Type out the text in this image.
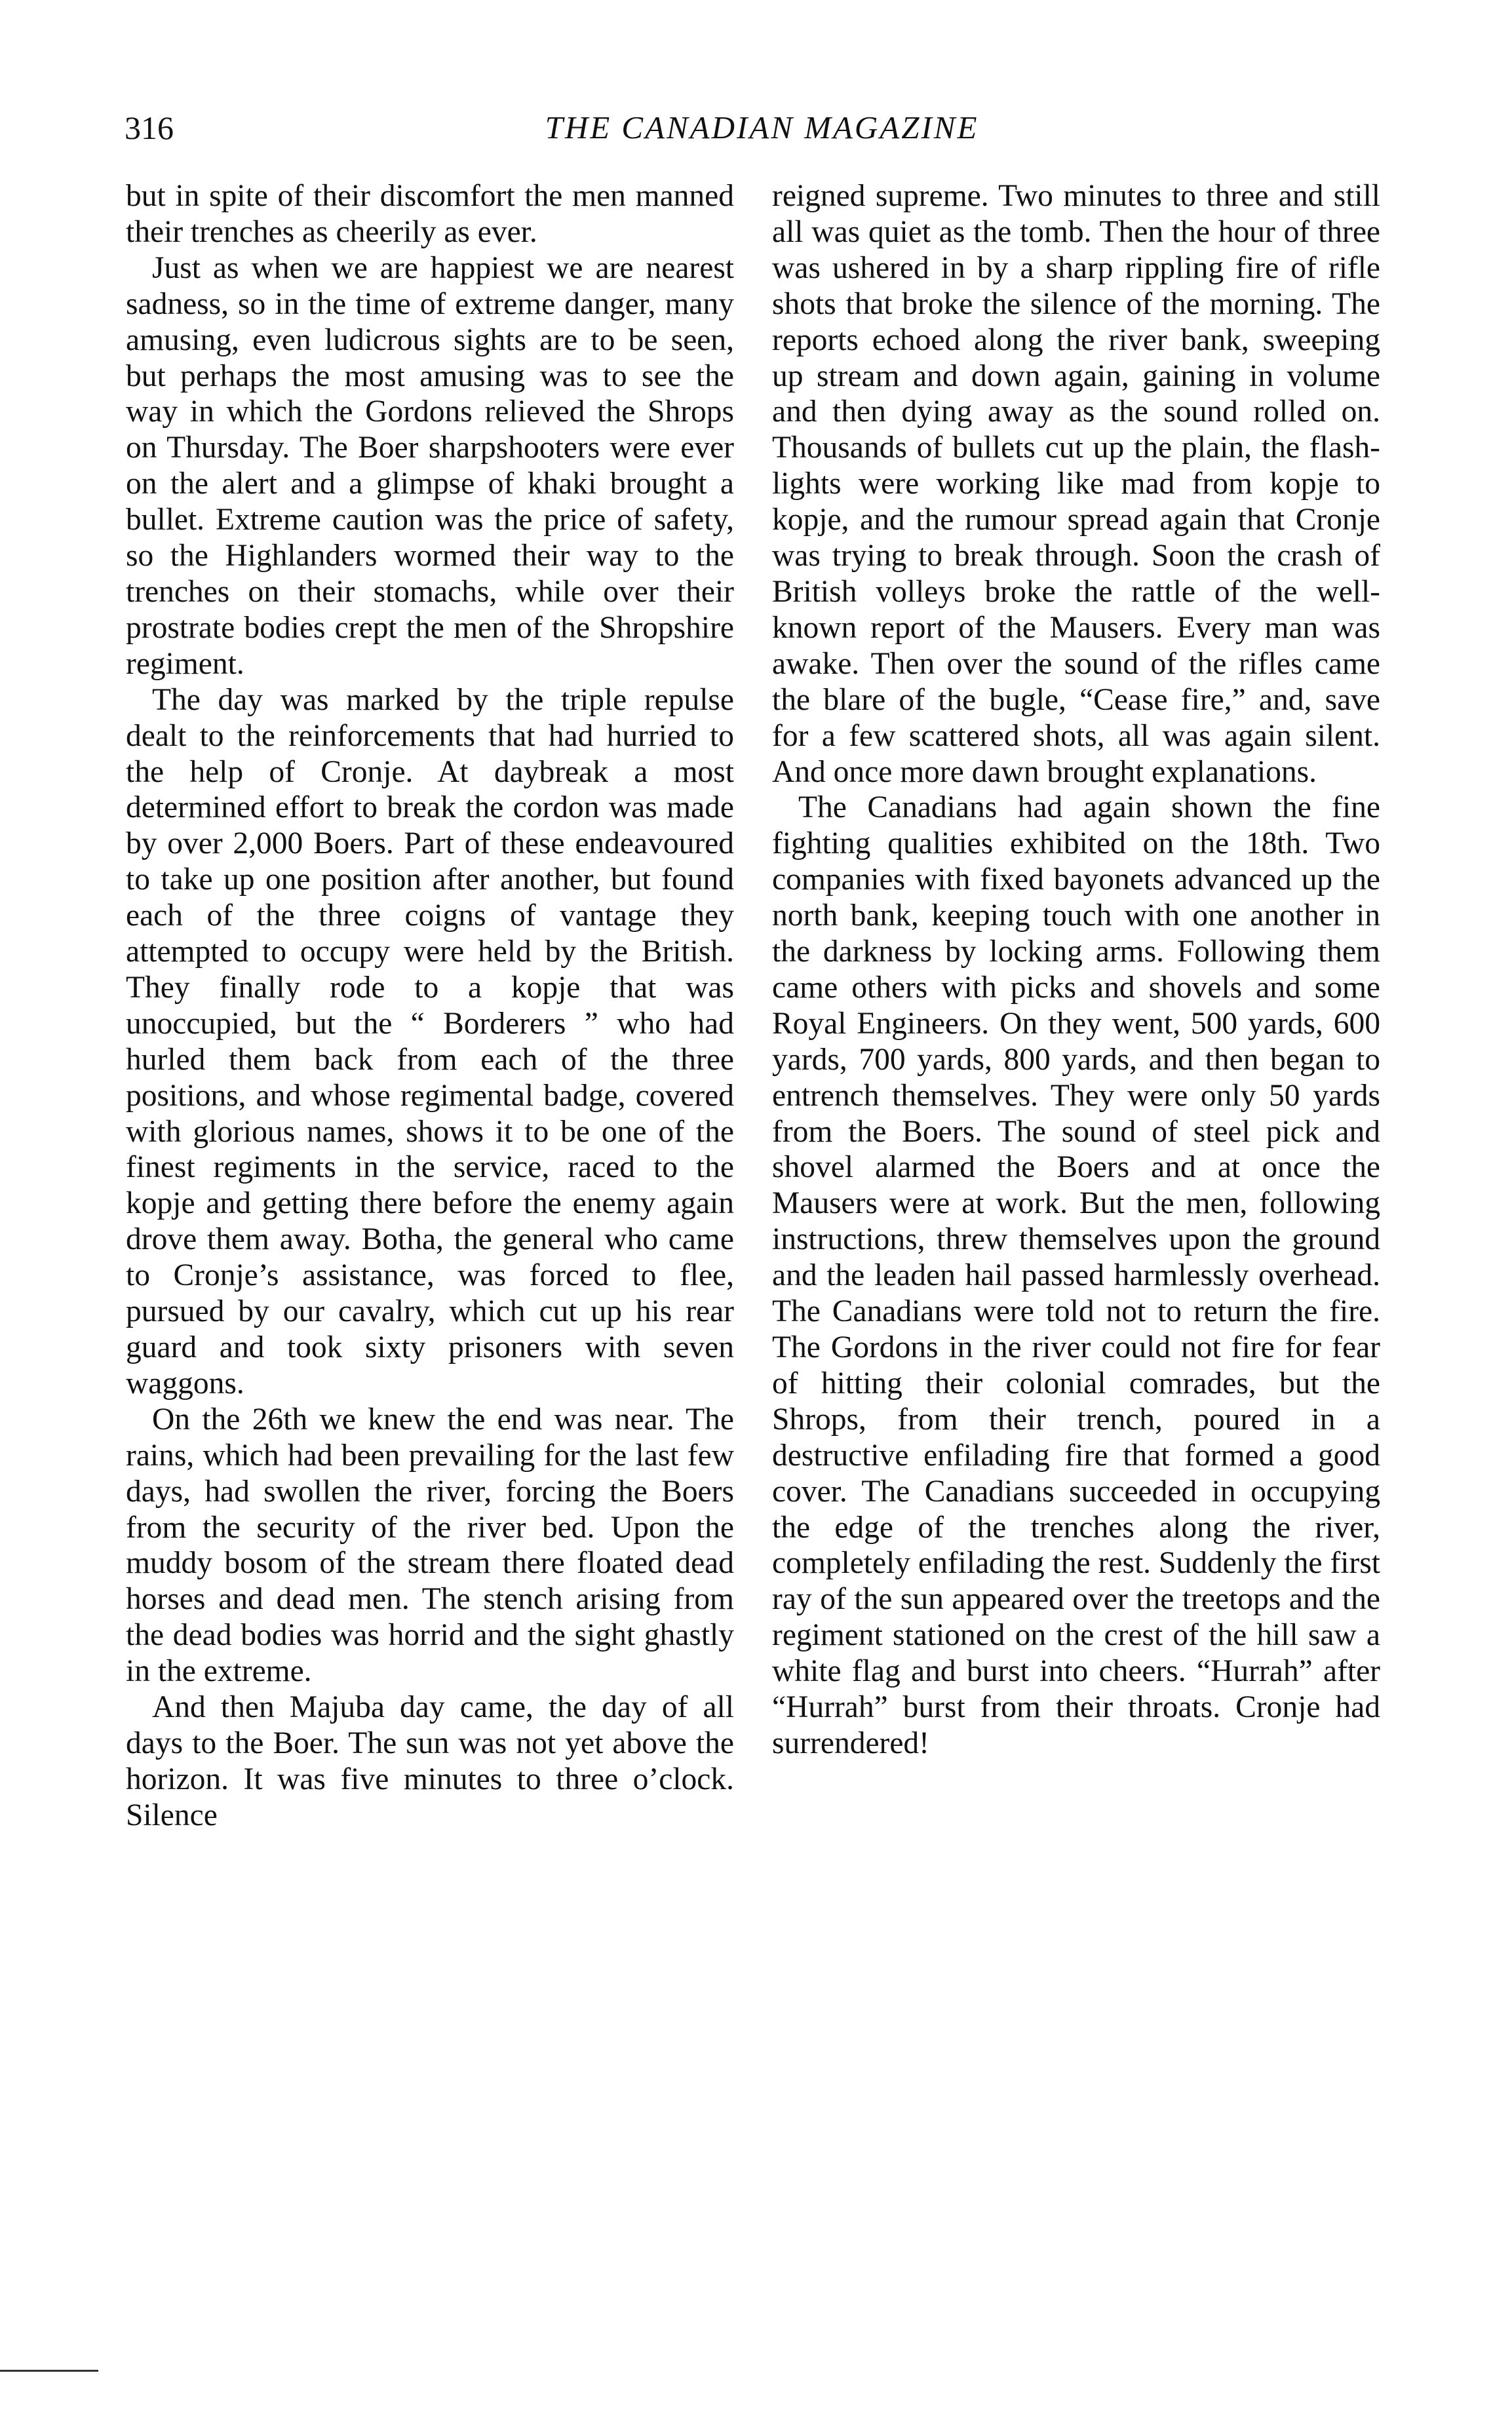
316	THE CANADIAN MAGAZINE

but in spite of their discomfort the men manned their trenches as cheerily as ever.

Just as when we are happiest we are nearest sadness, so in the time of extreme danger, many amusing, even ludicrous sights are to be seen, but perhaps the most amusing was to see the way in which the Gordons relieved the Shrops on Thursday. The Boer sharpshooters were ever on the alert and a glimpse of khaki brought a bullet. Extreme caution was the price of safety, so the Highlanders wormed their way to the trenches on their stomachs, while over their prostrate bodies crept the men of the Shropshire regiment.

The day was marked by the triple repulse dealt to the reinforcements that had hurried to the help of Cronje. At daybreak a most determined effort to break the cordon was made by over 2,000 Boers. Part of these endeavoured to take up one position after another, but found each of the three coigns of vantage they attempted to occupy were held by the British. They finally rode to a kopje that was unoccupied, but the “ Borderers ” who had hurled them back from each of the three positions, and whose regimental badge, covered with glorious names, shows it to be one of the finest regiments in the service, raced to the kopje and getting there before the enemy again drove them away. Botha, the general who came to Cronje’s assistance, was forced to flee, pursued by our cavalry, which cut up his rear guard and took sixty prisoners with seven waggons.

On the 26th we knew the end was near. The rains, which had been prevailing for the last few days, had swollen the river, forcing the Boers from the security of the river bed. Upon the muddy bosom of the stream there floated dead horses and dead men. The stench arising from the dead bodies was horrid and the sight ghastly in the extreme.

And then Majuba day came, the day of all days to the Boer. The sun was not yet above the horizon. It was five minutes to three o’clock. Silence

reigned supreme. Two minutes to three and still all was quiet as the tomb. Then the hour of three was ushered in by a sharp rippling fire of rifle shots that broke the silence of the morning. The reports echoed along the river bank, sweeping up stream and down again, gaining in volume and then dying away as the sound rolled on. Thousands of bullets cut up the plain, the flash-lights were working like mad from kopje to kopje, and the rumour spread again that Cronje was trying to break through. Soon the crash of British volleys broke the rattle of the well-known report of the Mausers. Every man was awake. Then over the sound of the rifles came the blare of the bugle, “Cease fire,” and, save for a few scattered shots, all was again silent. And once more dawn brought explanations.

The Canadians had again shown the fine fighting qualities exhibited on the 18th. Two companies with fixed bayonets advanced up the north bank, keeping touch with one another in the darkness by locking arms. Following them came others with picks and shovels and some Royal Engineers. On they went, 500 yards, 600 yards, 700 yards, 800 yards, and then began to entrench themselves. They were only 50 yards from the Boers. The sound of steel pick and shovel alarmed the Boers and at once the Mausers were at work. But the men, following instructions, threw themselves upon the ground and the leaden hail passed harmlessly overhead. The Canadians were told not to return the fire. The Gordons in the river could not fire for fear of hitting their colonial comrades, but the Shrops, from their trench, poured in a destructive enfilading fire that formed a good cover. The Canadians succeeded in occupying the edge of the trenches along the river, completely enfilading the rest. Suddenly the first ray of the sun appeared over the treetops and the regiment stationed on the crest of the hill saw a white flag and burst into cheers. “Hurrah” after “Hurrah” burst from their throats. Cronje had surrendered!
